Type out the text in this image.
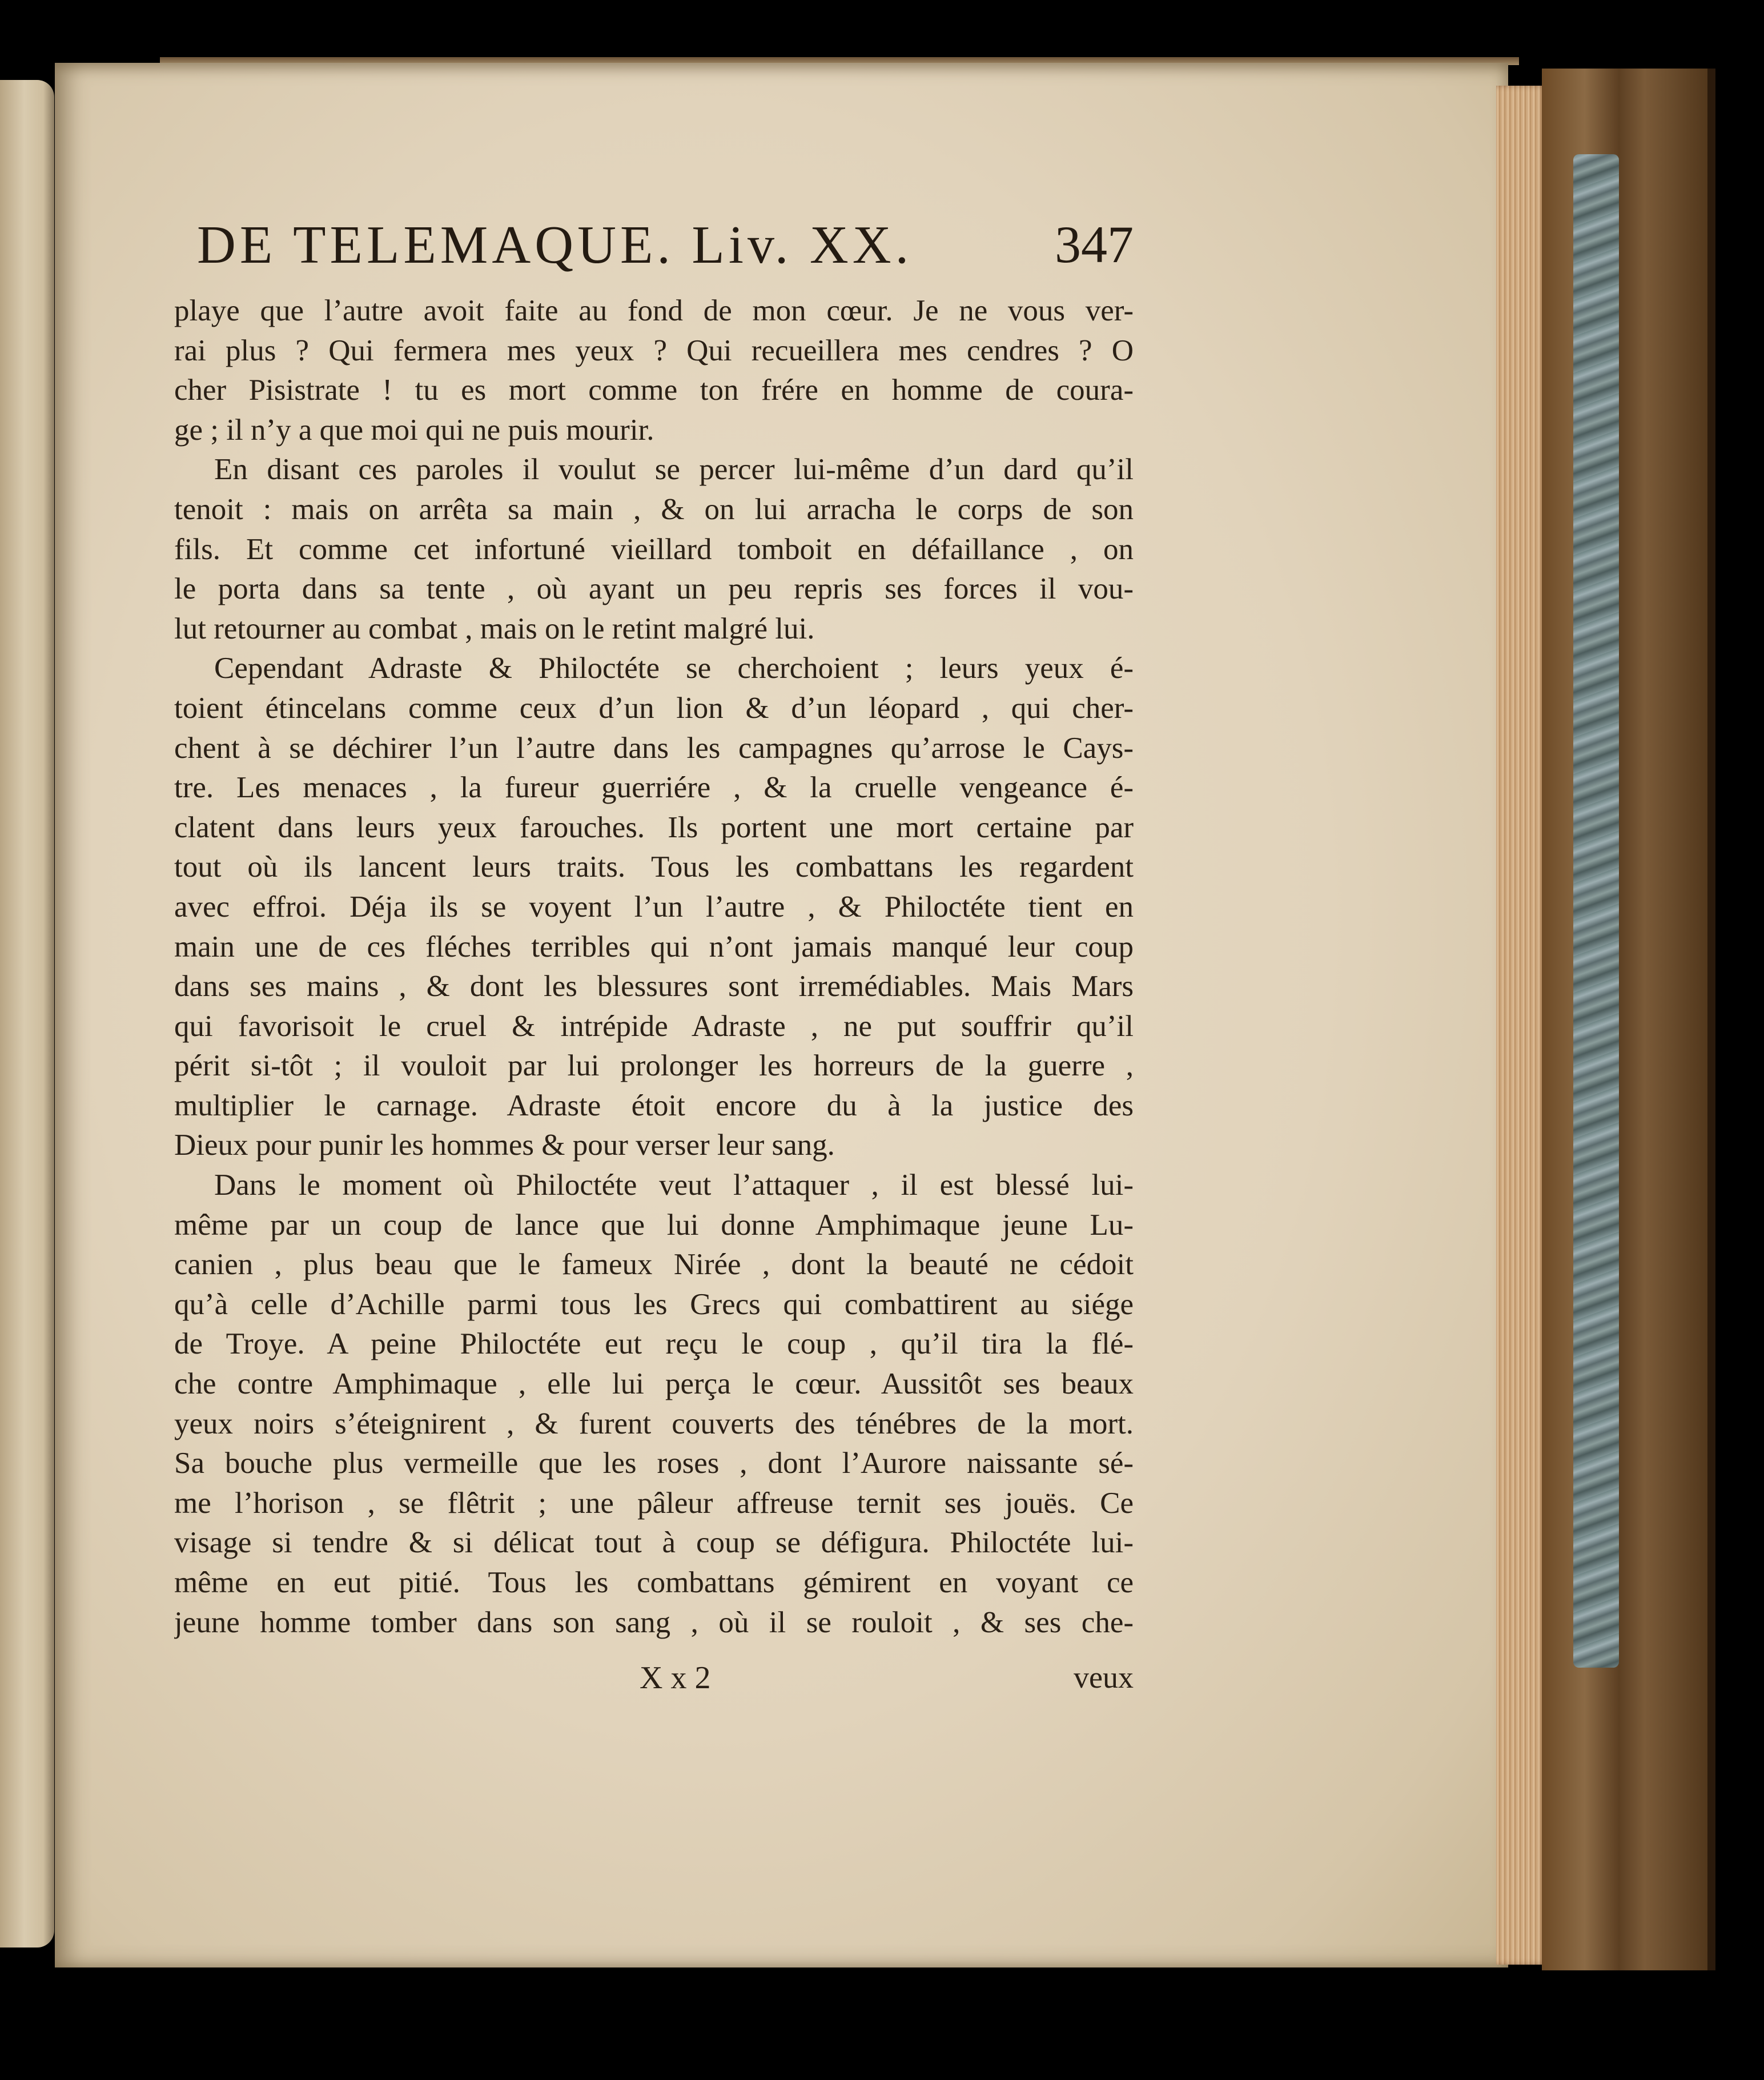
DE TELEMAQUE. Liv. XX.	347
playe que l’autre avoit faite au fond de mon cœur. Je ne vous ver-
rai plus ? Qui fermera mes yeux ? Qui recueillera mes cendres ? O
cher Pisistrate ! tu es mort comme ton frére en homme de coura-
ge ; il n’y a que moi qui ne puis mourir.
En disant ces paroles il voulut se percer lui-même d’un dard qu’il
tenoit : mais on arrêta sa main , & on lui arracha le corps de son
fils. Et comme cet infortuné vieillard tomboit en défaillance , on
le porta dans sa tente , où ayant un peu repris ses forces il vou-
lut retourner au combat , mais on le retint malgré lui.
Cependant Adraste & Philoctéte se cherchoient ; leurs yeux é-
toient étincelans comme ceux d’un lion & d’un léopard , qui cher-
chent à se déchirer l’un l’autre dans les campagnes qu’arrose le Cays-
tre. Les menaces , la fureur guerriére , & la cruelle vengeance é-
clatent dans leurs yeux farouches. Ils portent une mort certaine par
tout où ils lancent leurs traits. Tous les combattans les regardent
avec effroi. Déja ils se voyent l’un l’autre , & Philoctéte tient en
main une de ces fléches terribles qui n’ont jamais manqué leur coup
dans ses mains , & dont les blessures sont irremédiables. Mais Mars
qui favorisoit le cruel & intrépide Adraste , ne put souffrir qu’il
périt si-tôt ; il vouloit par lui prolonger les horreurs de la guerre ,
multiplier le carnage. Adraste étoit encore du à la justice des
Dieux pour punir les hommes & pour verser leur sang.
Dans le moment où Philoctéte veut l’attaquer , il est blessé lui-
même par un coup de lance que lui donne Amphimaque jeune Lu-
canien , plus beau que le fameux Nirée , dont la beauté ne cédoit
qu’à celle d’Achille parmi tous les Grecs qui combattirent au siége
de Troye. A peine Philoctéte eut reçu le coup , qu’il tira la flé-
che contre Amphimaque , elle lui perça le cœur. Aussitôt ses beaux
yeux noirs s’éteignirent , & furent couverts des ténébres de la mort.
Sa bouche plus vermeille que les roses , dont l’Aurore naissante sé-
me l’horison , se flêtrit ; une pâleur affreuse ternit ses jouës. Ce
visage si tendre & si délicat tout à coup se défigura. Philoctéte lui-
même en eut pitié. Tous les combattans gémirent en voyant ce
jeune homme tomber dans son sang , où il se rouloit , & ses che-
X x 2	veux
